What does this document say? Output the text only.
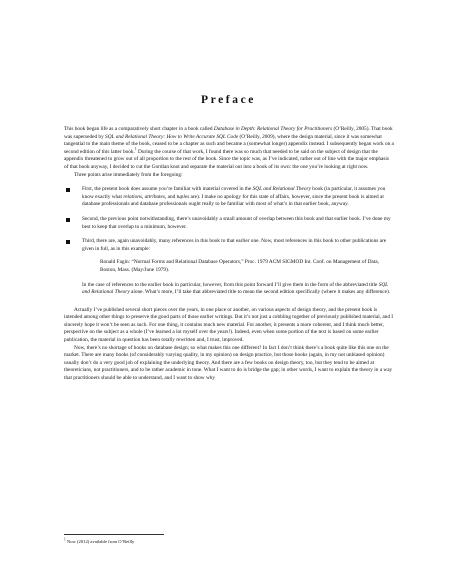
Preface

This book began life as a comparatively short chapter in a book called Database in Depth: Relational Theory for Practitioners (O’Reilly, 2005). That book was superseded by SQL and Relational Theory: How to Write Accurate SQL Code (O’Reilly, 2009), where the design material, since it was somewhat tangential to the main theme of the book, ceased to be a chapter as such and became a (somewhat longer) appendix instead. I subsequently began work on a second edition of this latter book.$^1$ During the course of that work, I found there was so much that needed to be said on the subject of design that the appendix threatened to grow out of all proportion to the rest of the book. Since the topic was, as I’ve indicated, rather out of line with the major emphasis of that book anyway, I decided to cut the Gordian knot and separate the material out into a book of its own: the one you’re looking at right now.

Three points arise immediately from the foregoing:

First, the present book does assume you’re familiar with material covered in the SQL and Relational Theory book (in particular, it assumes you know exactly what relations, attributes, and tuples are). I make no apology for this state of affairs, however, since the present book is aimed at database professionals and database professionals ought really to be familiar with most of what’s in that earlier book, anyway.
Second, the previous point notwithstanding, there’s unavoidably a small amount of overlap between this book and that earlier book. I’ve done my best to keep that overlap to a minimum, however.
Third, there are, again unavoidably, many references in this book to that earlier one. Now, most references in this book to other publications are given in full, as in this example:
Ronald Fagin: “Normal Forms and Relational Database Operators,” Proc. 1979 ACM SIGMOD Int. Conf. on Management of Data, Boston, Mass. (May/June 1979).
In the case of references to the earlier book in particular, however, from this point forward I’ll give them in the form of the abbreviated title SQL and Relational Theory alone. What’s more, I’ll take that abbreviated title to mean the second edition specifically (where it makes any difference).

Actually I’ve published several short pieces over the years, in one place or another, on various aspects of design theory, and the present book is intended among other things to preserve the good parts of those earlier writings. But it’s not just a cobbling together of previously published material, and I sincerely hope it won’t be seen as such. For one thing, it contains much new material. For another, it presents a more coherent, and I think much better, perspective on the subject as a whole (I’ve learned a lot myself over the years!). Indeed, even when some portion of the text is based on some earlier publication, the material in question has been totally rewritten and, I trust, improved.

Now, there’s no shortage of books on database design; so what makes this one different? In fact I don’t think there’s a book quite like this one on the market. There are many books (of considerably varying quality, in my opinion) on design practice, but those books (again, in my not unbiased opinion) usually don’t do a very good job of explaining the underlying theory. And there are a few books on design theory, too, but they tend to be aimed at theoreticians, not practitioners, and to be rather academic in tone. What I want to do is bridge the gap; in other words, I want to explain the theory in a way that practitioners should be able to understand, and I want to show why

$^1$ Now (2012) available from O’Reilly
